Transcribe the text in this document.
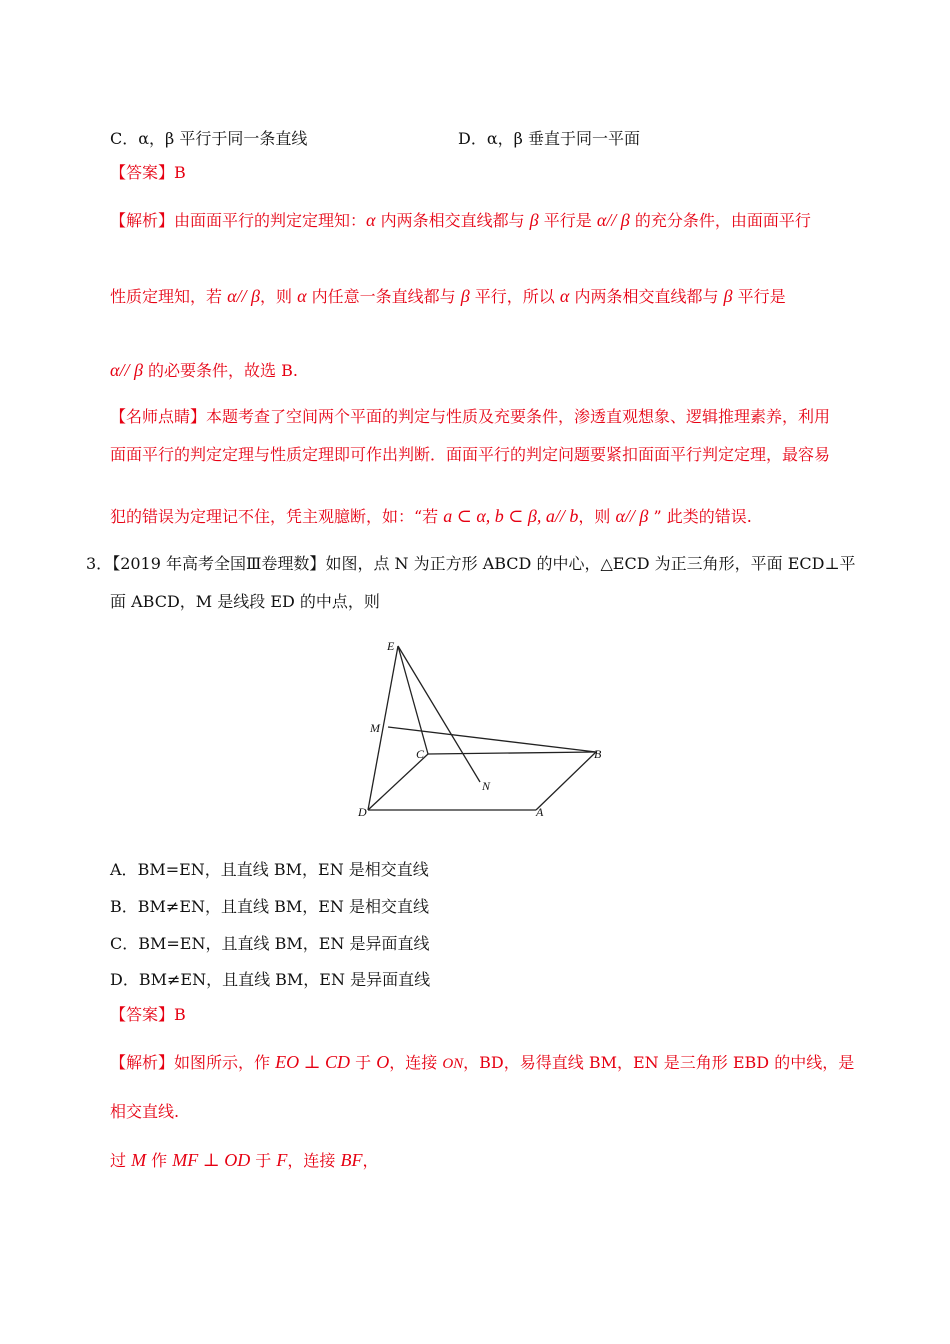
C．α，β 平行于同一条直线	D．α，β 垂直于同一平面
【答案】B
【解析】由面面平行的判定定理知：α 内两条相交直线都与 β 平行是 α// β 的充分条件，由面面平行
性质定理知，若 α// β，则 α 内任意一条直线都与 β 平行，所以 α 内两条相交直线都与 β 平行是
α// β 的必要条件，故选 B.
【名师点睛】本题考查了空间两个平面的判定与性质及充要条件，渗透直观想象、逻辑推理素养，利用
面面平行的判定定理与性质定理即可作出判断．面面平行的判定问题要紧扣面面平行判定定理，最容易
犯的错误为定理记不住，凭主观臆断，如：“若 a ⊂ α, b ⊂ β, a// b，则 α// β ” 此类的错误.
3．【2019 年高考全国Ⅲ卷理数】如图，点 N 为正方形 ABCD 的中心，△ECD 为正三角形，平面 ECD⊥平
面 ABCD，M 是线段 ED 的中点，则
E
M
C	B
N
D	A
A．BM=EN，且直线 BM，EN 是相交直线
B．BM≠EN，且直线 BM，EN 是相交直线
C．BM=EN，且直线 BM，EN 是异面直线
D．BM≠EN，且直线 BM，EN 是异面直线
【答案】B
【解析】如图所示，作 EO ⊥ CD 于 O，连接 ON，BD，易得直线 BM，EN 是三角形 EBD 的中线，是
相交直线.
过 M 作 MF ⊥ OD 于 F，连接 BF，
